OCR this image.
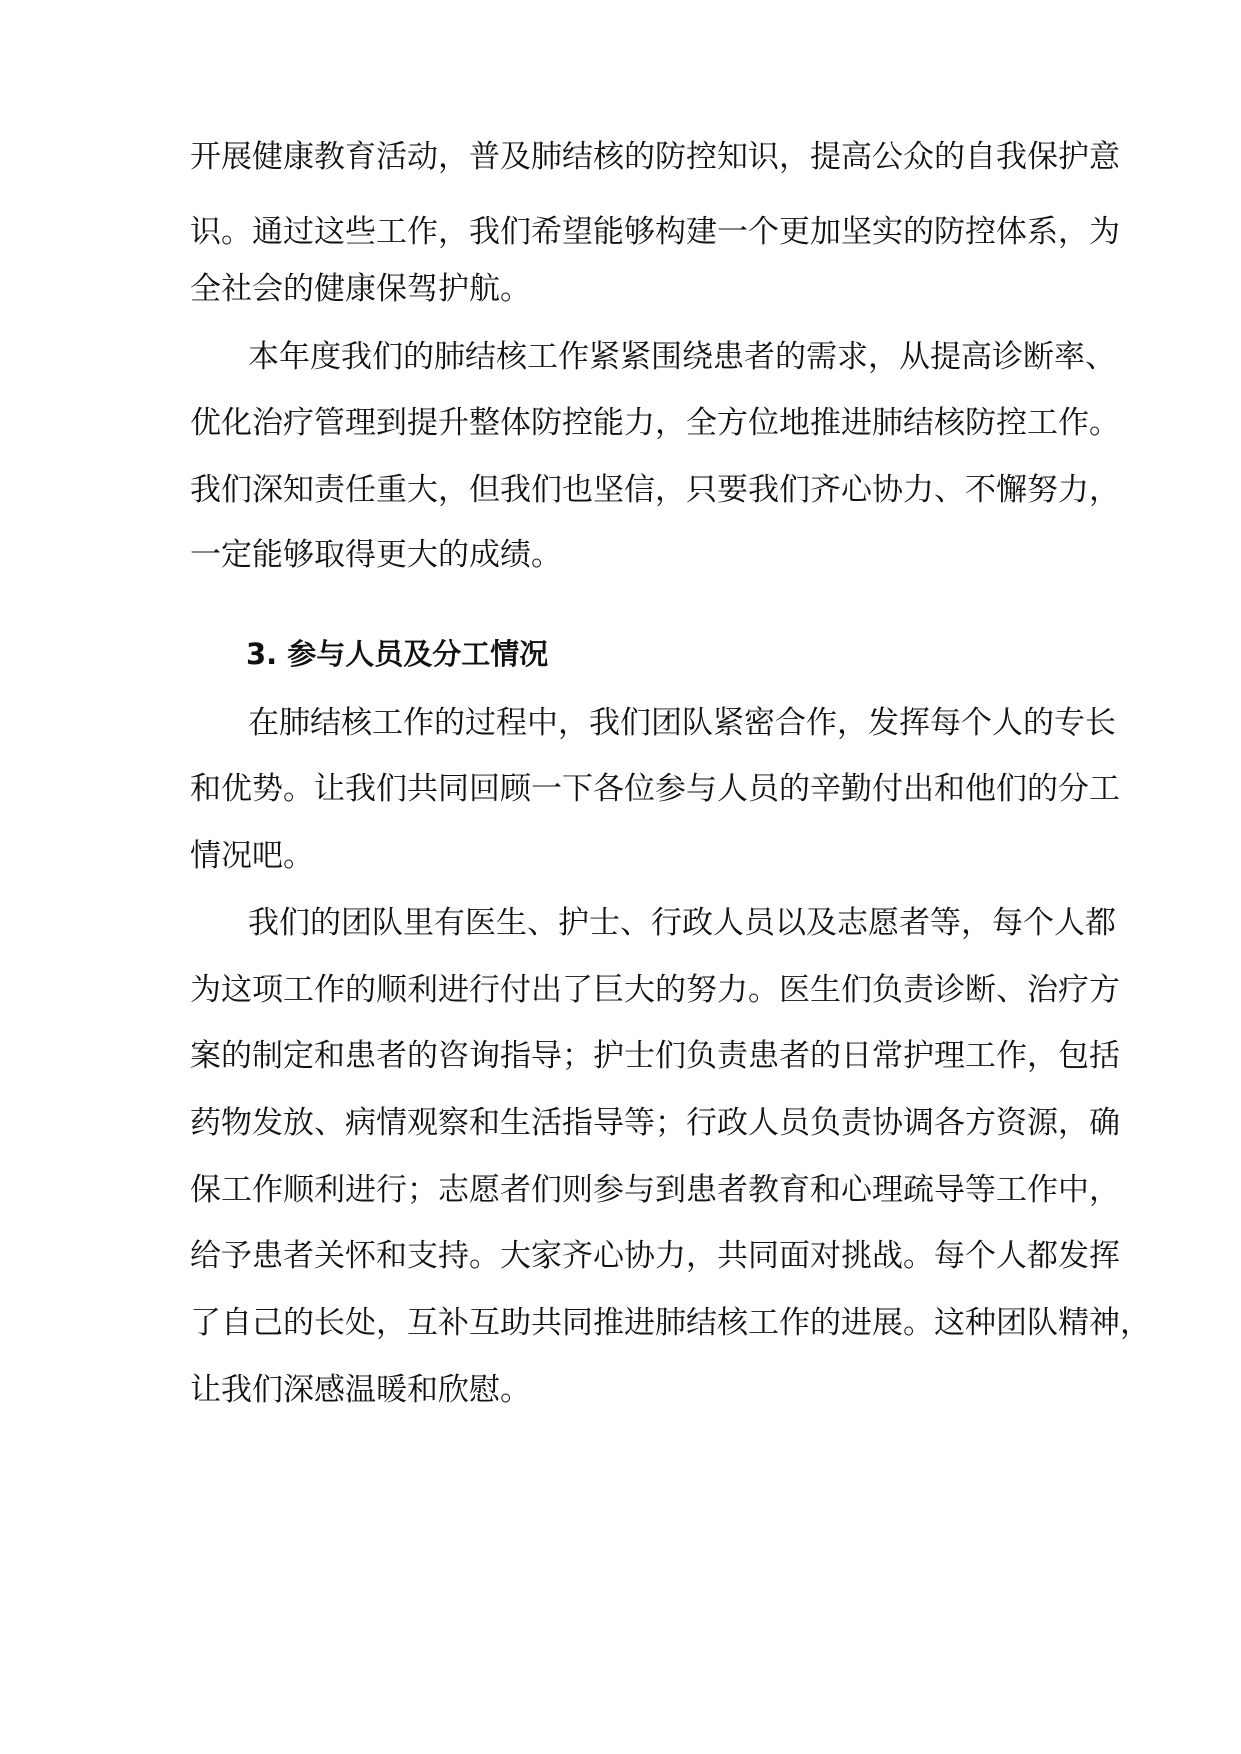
开展健康教育活动，普及肺结核的防控知识，提高公众的自我保护意

识。通过这些工作，我们希望能够构建一个更加坚实的防控体系，为

全社会的健康保驾护航。

本年度我们的肺结核工作紧紧围绕患者的需求，从提高诊断率、

优化治疗管理到提升整体防控能力，全方位地推进肺结核防控工作。

我们深知责任重大，但我们也坚信，只要我们齐心协力、不懈努力，

一定能够取得更大的成绩。

3. 参与人员及分工情况

在肺结核工作的过程中，我们团队紧密合作，发挥每个人的专长

和优势。让我们共同回顾一下各位参与人员的辛勤付出和他们的分工

情况吧。

我们的团队里有医生、护士、行政人员以及志愿者等，每个人都

为这项工作的顺利进行付出了巨大的努力。医生们负责诊断、治疗方

案的制定和患者的咨询指导；护士们负责患者的日常护理工作，包括

药物发放、病情观察和生活指导等；行政人员负责协调各方资源，确

保工作顺利进行；志愿者们则参与到患者教育和心理疏导等工作中，

给予患者关怀和支持。大家齐心协力，共同面对挑战。每个人都发挥

了自己的长处，互补互助共同推进肺结核工作的进展。这种团队精神，

让我们深感温暖和欣慰。
